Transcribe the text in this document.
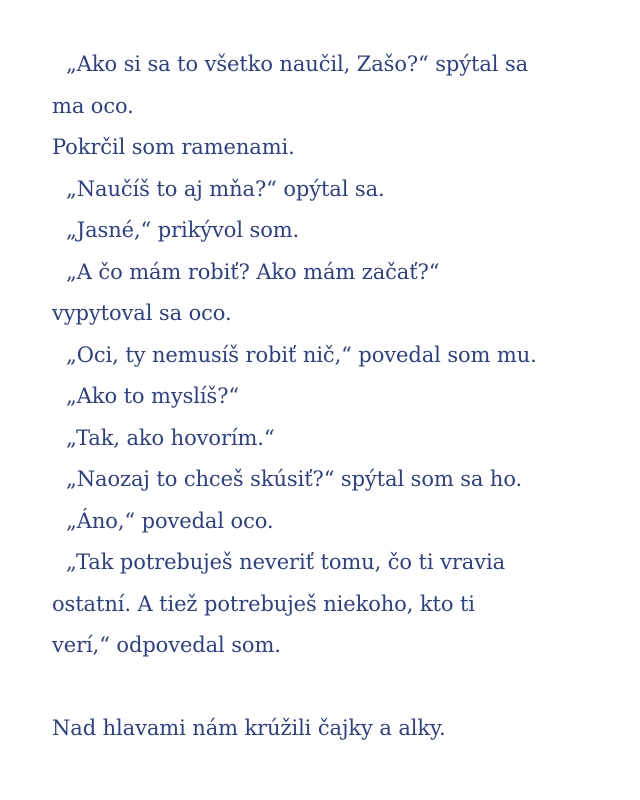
„Ako si sa to všetko naučil, Zašo?“ spýtal sa
ma oco.
Pokrčil som ramenami.
„Naučíš to aj mňa?“ opýtal sa.
„Jasné,“ prikývol som.
„A čo mám robiť? Ako mám začať?“
vypytoval sa oco.
„Oci, ty nemusíš robiť nič,“ povedal som mu.
„Ako to myslíš?“
„Tak, ako hovorím.“
„Naozaj to chceš skúsiť?“ spýtal som sa ho.
„Áno,“ povedal oco.
„Tak potrebuješ neveriť tomu, čo ti vravia
ostatní. A tiež potrebuješ niekoho, kto ti
verí,“ odpovedal som.
Nad hlavami nám krúžili čajky a alky.
